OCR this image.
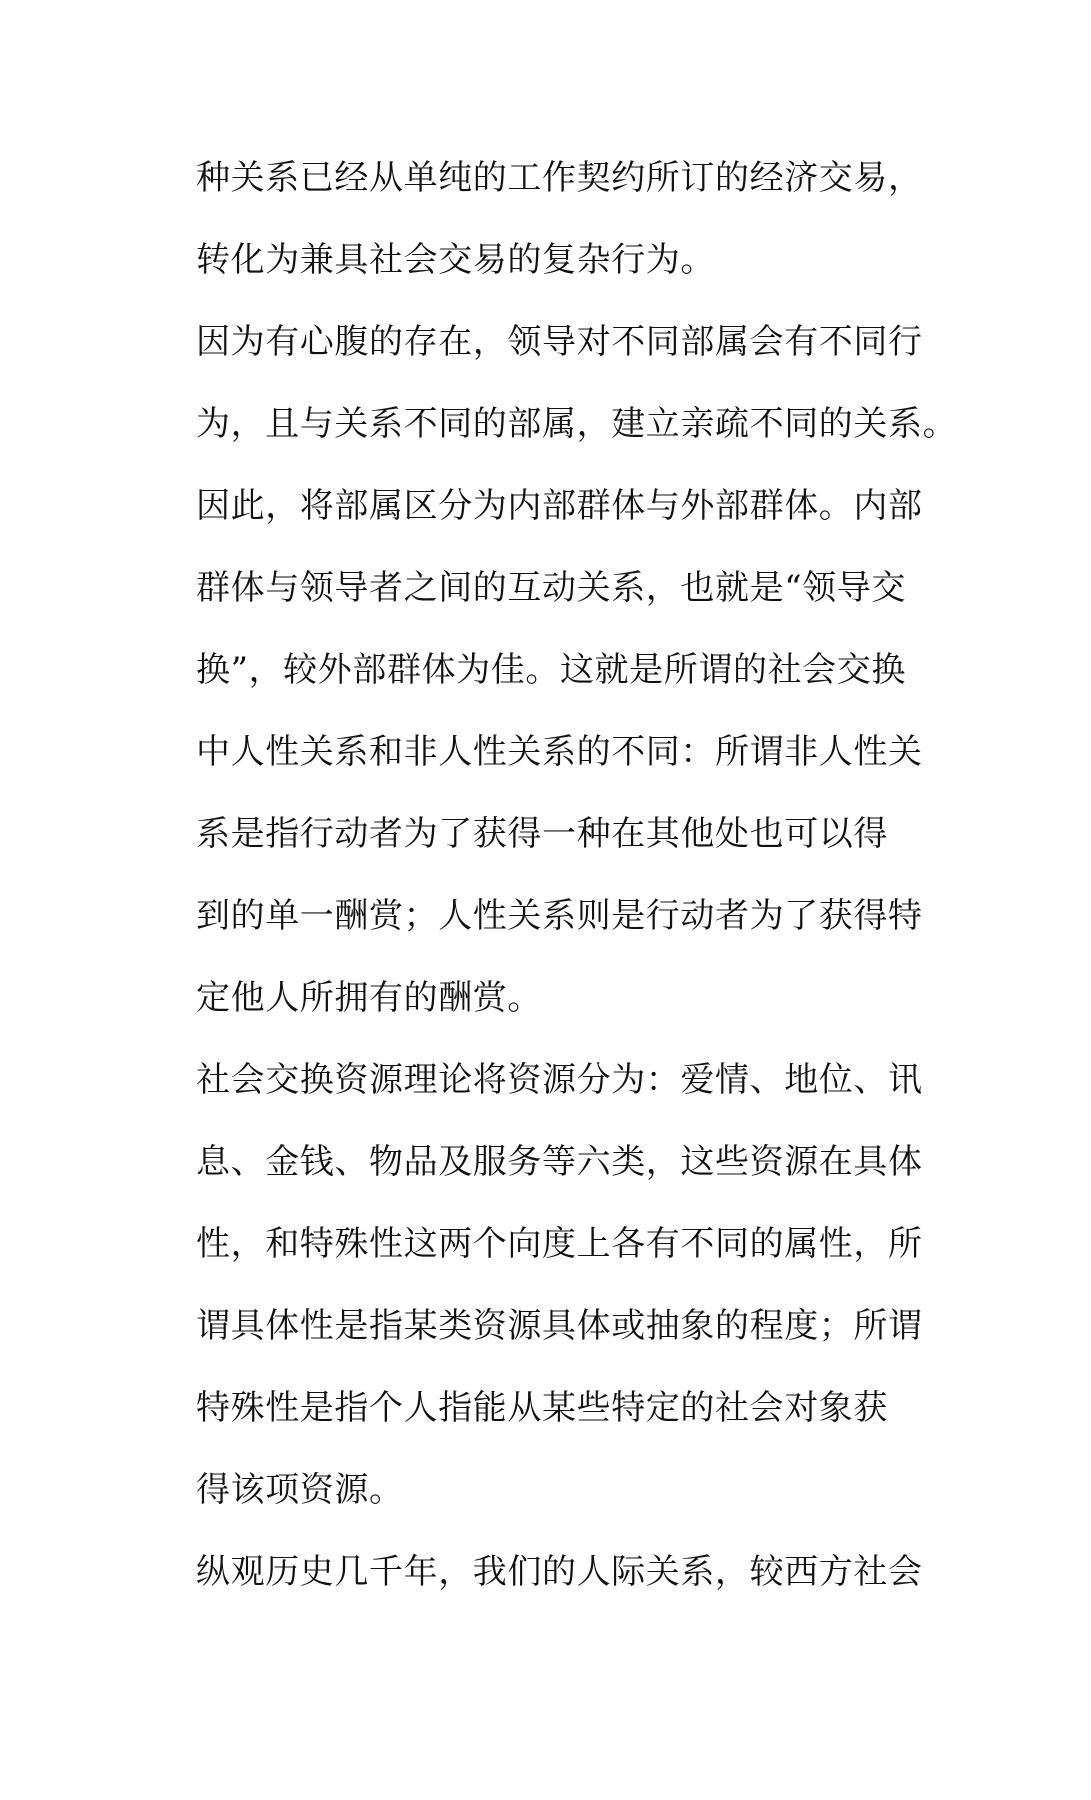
种关系已经从单纯的工作契约所订的经济交易，
转化为兼具社会交易的复杂行为。
因为有心腹的存在，领导对不同部属会有不同行
为，且与关系不同的部属，建立亲疏不同的关系。
因此，将部属区分为内部群体与外部群体。内部
群体与领导者之间的互动关系，也就是“领导交
换”，较外部群体为佳。这就是所谓的社会交换
中人性关系和非人性关系的不同：所谓非人性关
系是指行动者为了获得一种在其他处也可以得
到的单一酬赏；人性关系则是行动者为了获得特
定他人所拥有的酬赏。
社会交换资源理论将资源分为：爱情、地位、讯
息、金钱、物品及服务等六类，这些资源在具体
性，和特殊性这两个向度上各有不同的属性，所
谓具体性是指某类资源具体或抽象的程度；所谓
特殊性是指个人指能从某些特定的社会对象获
得该项资源。
纵观历史几千年，我们的人际关系，较西方社会
